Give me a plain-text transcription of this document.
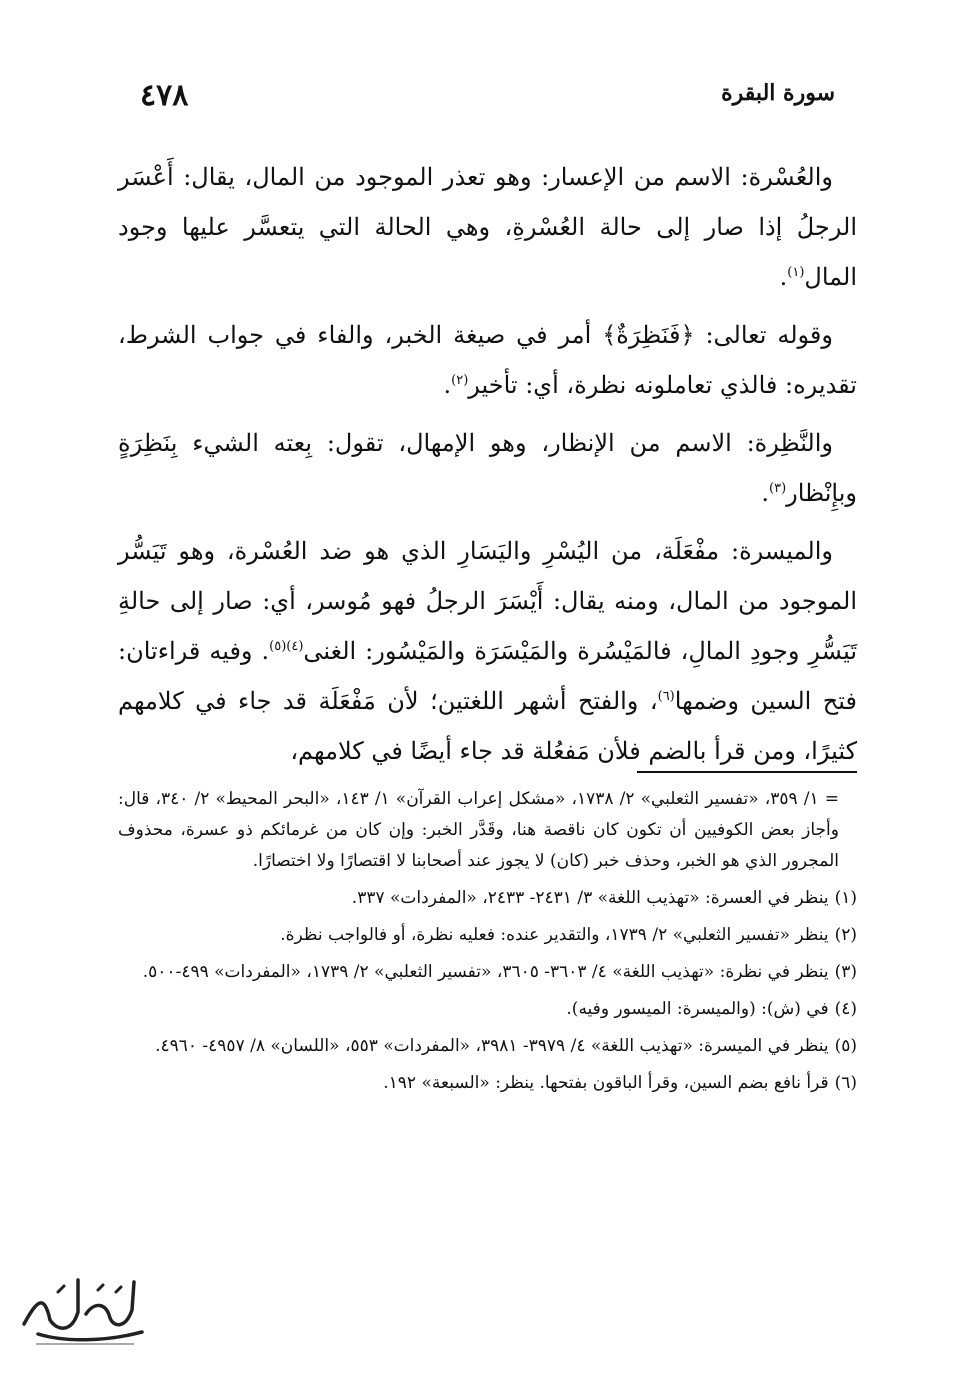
سورة البقرة
٤٧٨

والعُسْرة: الاسم من الإعسار: وهو تعذر الموجود من المال، يقال: أَعْسَر الرجلُ إذا صار إلى حالة العُسْرةِ، وهي الحالة التي يتعسَّر عليها وجود المال$^{(١)}$.

وقوله تعالى: ﴿فَنَظِرَةٌ﴾ أمر في صيغة الخبر، والفاء في جواب الشرط، تقديره: فالذي تعاملونه نظرة، أي: تأخير$^{(٢)}$.

والنَّظِرة: الاسم من الإنظار، وهو الإمهال، تقول: بِعته الشيء بِنَظِرَةٍ وبإِنْظار$^{(٣)}$.

والميسرة: مفْعَلَة، من اليُسْرِ واليَسَارِ الذي هو ضد العُسْرة، وهو تَيَسُّر الموجود من المال، ومنه يقال: أَيْسَرَ الرجلُ فهو مُوسر، أي: صار إلى حالةِ تَيَسُّرِ وجودِ المالِ، فالمَيْسُرة والمَيْسَرَة والمَيْسُور: الغنى$^{(٤)(٥)}$. وفيه قراءتان: فتح السين وضمها$^{(٦)}$، والفتح أشهر اللغتين؛ لأن مَفْعَلَة قد جاء في كلامهم كثيرًا، ومن قرأ بالضم فلأن مَفعُلة قد جاء أيضًا في كلامهم،

= ١/ ٣٥٩، «تفسير الثعلبي» ٢/ ١٧٣٨، «مشكل إعراب القرآن» ١/ ١٤٣، «البحر المحيط» ٢/ ٣٤٠، قال: وأجاز بعض الكوفيين أن تكون كان ناقصة هنا، وقَدَّر الخبر: وإن كان من غرمائكم ذو عسرة، محذوف المجرور الذي هو الخبر، وحذف خبر (كان) لا يجوز عند أصحابنا لا اقتصارًا ولا اختصارًا.
(١)ينظر في العسرة: «تهذيب اللغة» ٣/ ٢٤٣١- ٢٤٣٣، «المفردات» ٣٣٧.
(٢)ينظر «تفسير الثعلبي» ٢/ ١٧٣٩، والتقدير عنده: فعليه نظرة، أو فالواجب نظرة.
(٣)ينظر في نظرة: «تهذيب اللغة» ٤/ ٣٦٠٣- ٣٦٠٥، «تفسير الثعلبي» ٢/ ١٧٣٩، «المفردات» ٤٩٩-٥٠٠.
(٤)في (ش): (والميسرة: الميسور وفيه).
(٥)ينظر في الميسرة: «تهذيب اللغة» ٤/ ٣٩٧٩- ٣٩٨١، «المفردات» ٥٥٣، «اللسان» ٨/ ٤٩٥٧- ٤٩٦٠.
(٦)قرأ نافع بضم السين، وقرأ الباقون بفتحها. ينظر: «السبعة» ١٩٢.
